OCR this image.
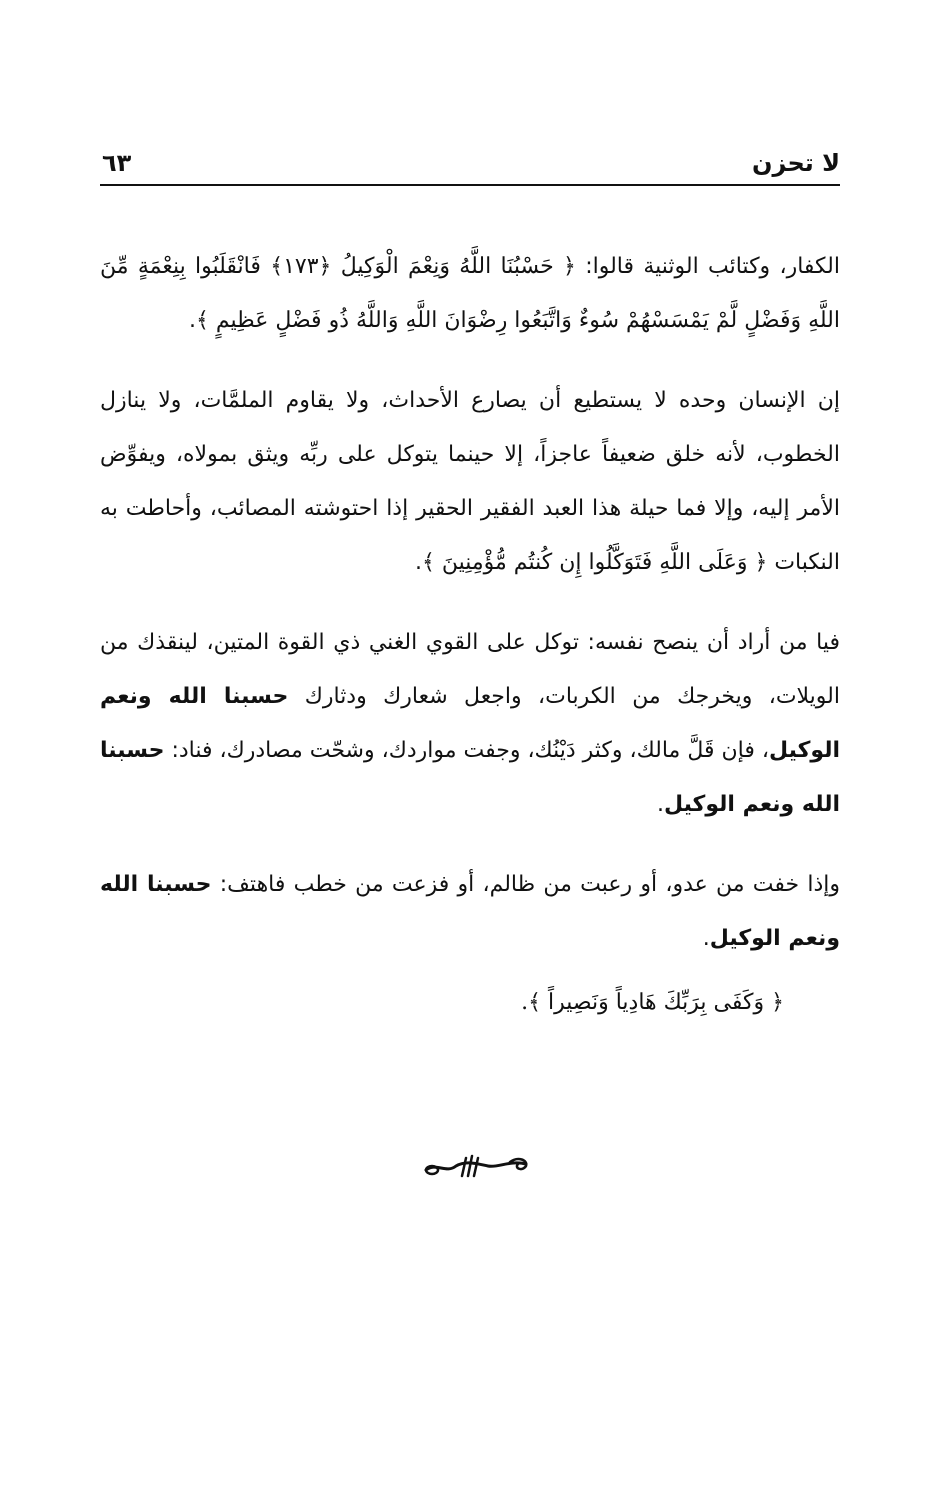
لا تحزن
٦٣

الكفار، وكتائب الوثنية قالوا: ﴿ حَسْبُنَا اللَّهُ وَنِعْمَ الْوَكِيلُ ﴿١٧٣﴾ فَانْقَلَبُوا بِنِعْمَةٍ مِّنَ اللَّهِ وَفَضْلٍ لَّمْ يَمْسَسْهُمْ سُوءٌ وَاتَّبَعُوا رِضْوَانَ اللَّهِ وَاللَّهُ ذُو فَضْلٍ عَظِيمٍ ﴾.

إن الإنسان وحده لا يستطيع أن يصارع الأحداث، ولا يقاوم الملمَّات، ولا ينازل الخطوب، لأنه خلق ضعيفاً عاجزاً، إلا حينما يتوكل على ربِّه ويثق بمولاه، ويفوِّض الأمر إليه، وإلا فما حيلة هذا العبد الفقير الحقير إذا احتوشته المصائب، وأحاطت به النكبات ﴿ وَعَلَى اللَّهِ فَتَوَكَّلُوا إِن كُنتُم مُّؤْمِنِينَ ﴾.

فيا من أراد أن ينصح نفسه: توكل على القوي الغني ذي القوة المتين، لينقذك من الويلات، ويخرجك من الكربات، واجعل شعارك ودثارك حسبنا الله ونعم الوكيل، فإن قَلَّ مالك، وكثر دَيْنُك، وجفت مواردك، وشحّت مصادرك، فناد: حسبنا الله ونعم الوكيل.

وإذا خفت من عدو، أو رعبت من ظالم، أو فزعت من خطب فاهتف: حسبنا الله ونعم الوكيل.

﴿ وَكَفَى بِرَبِّكَ هَادِياً وَنَصِيراً ﴾.
